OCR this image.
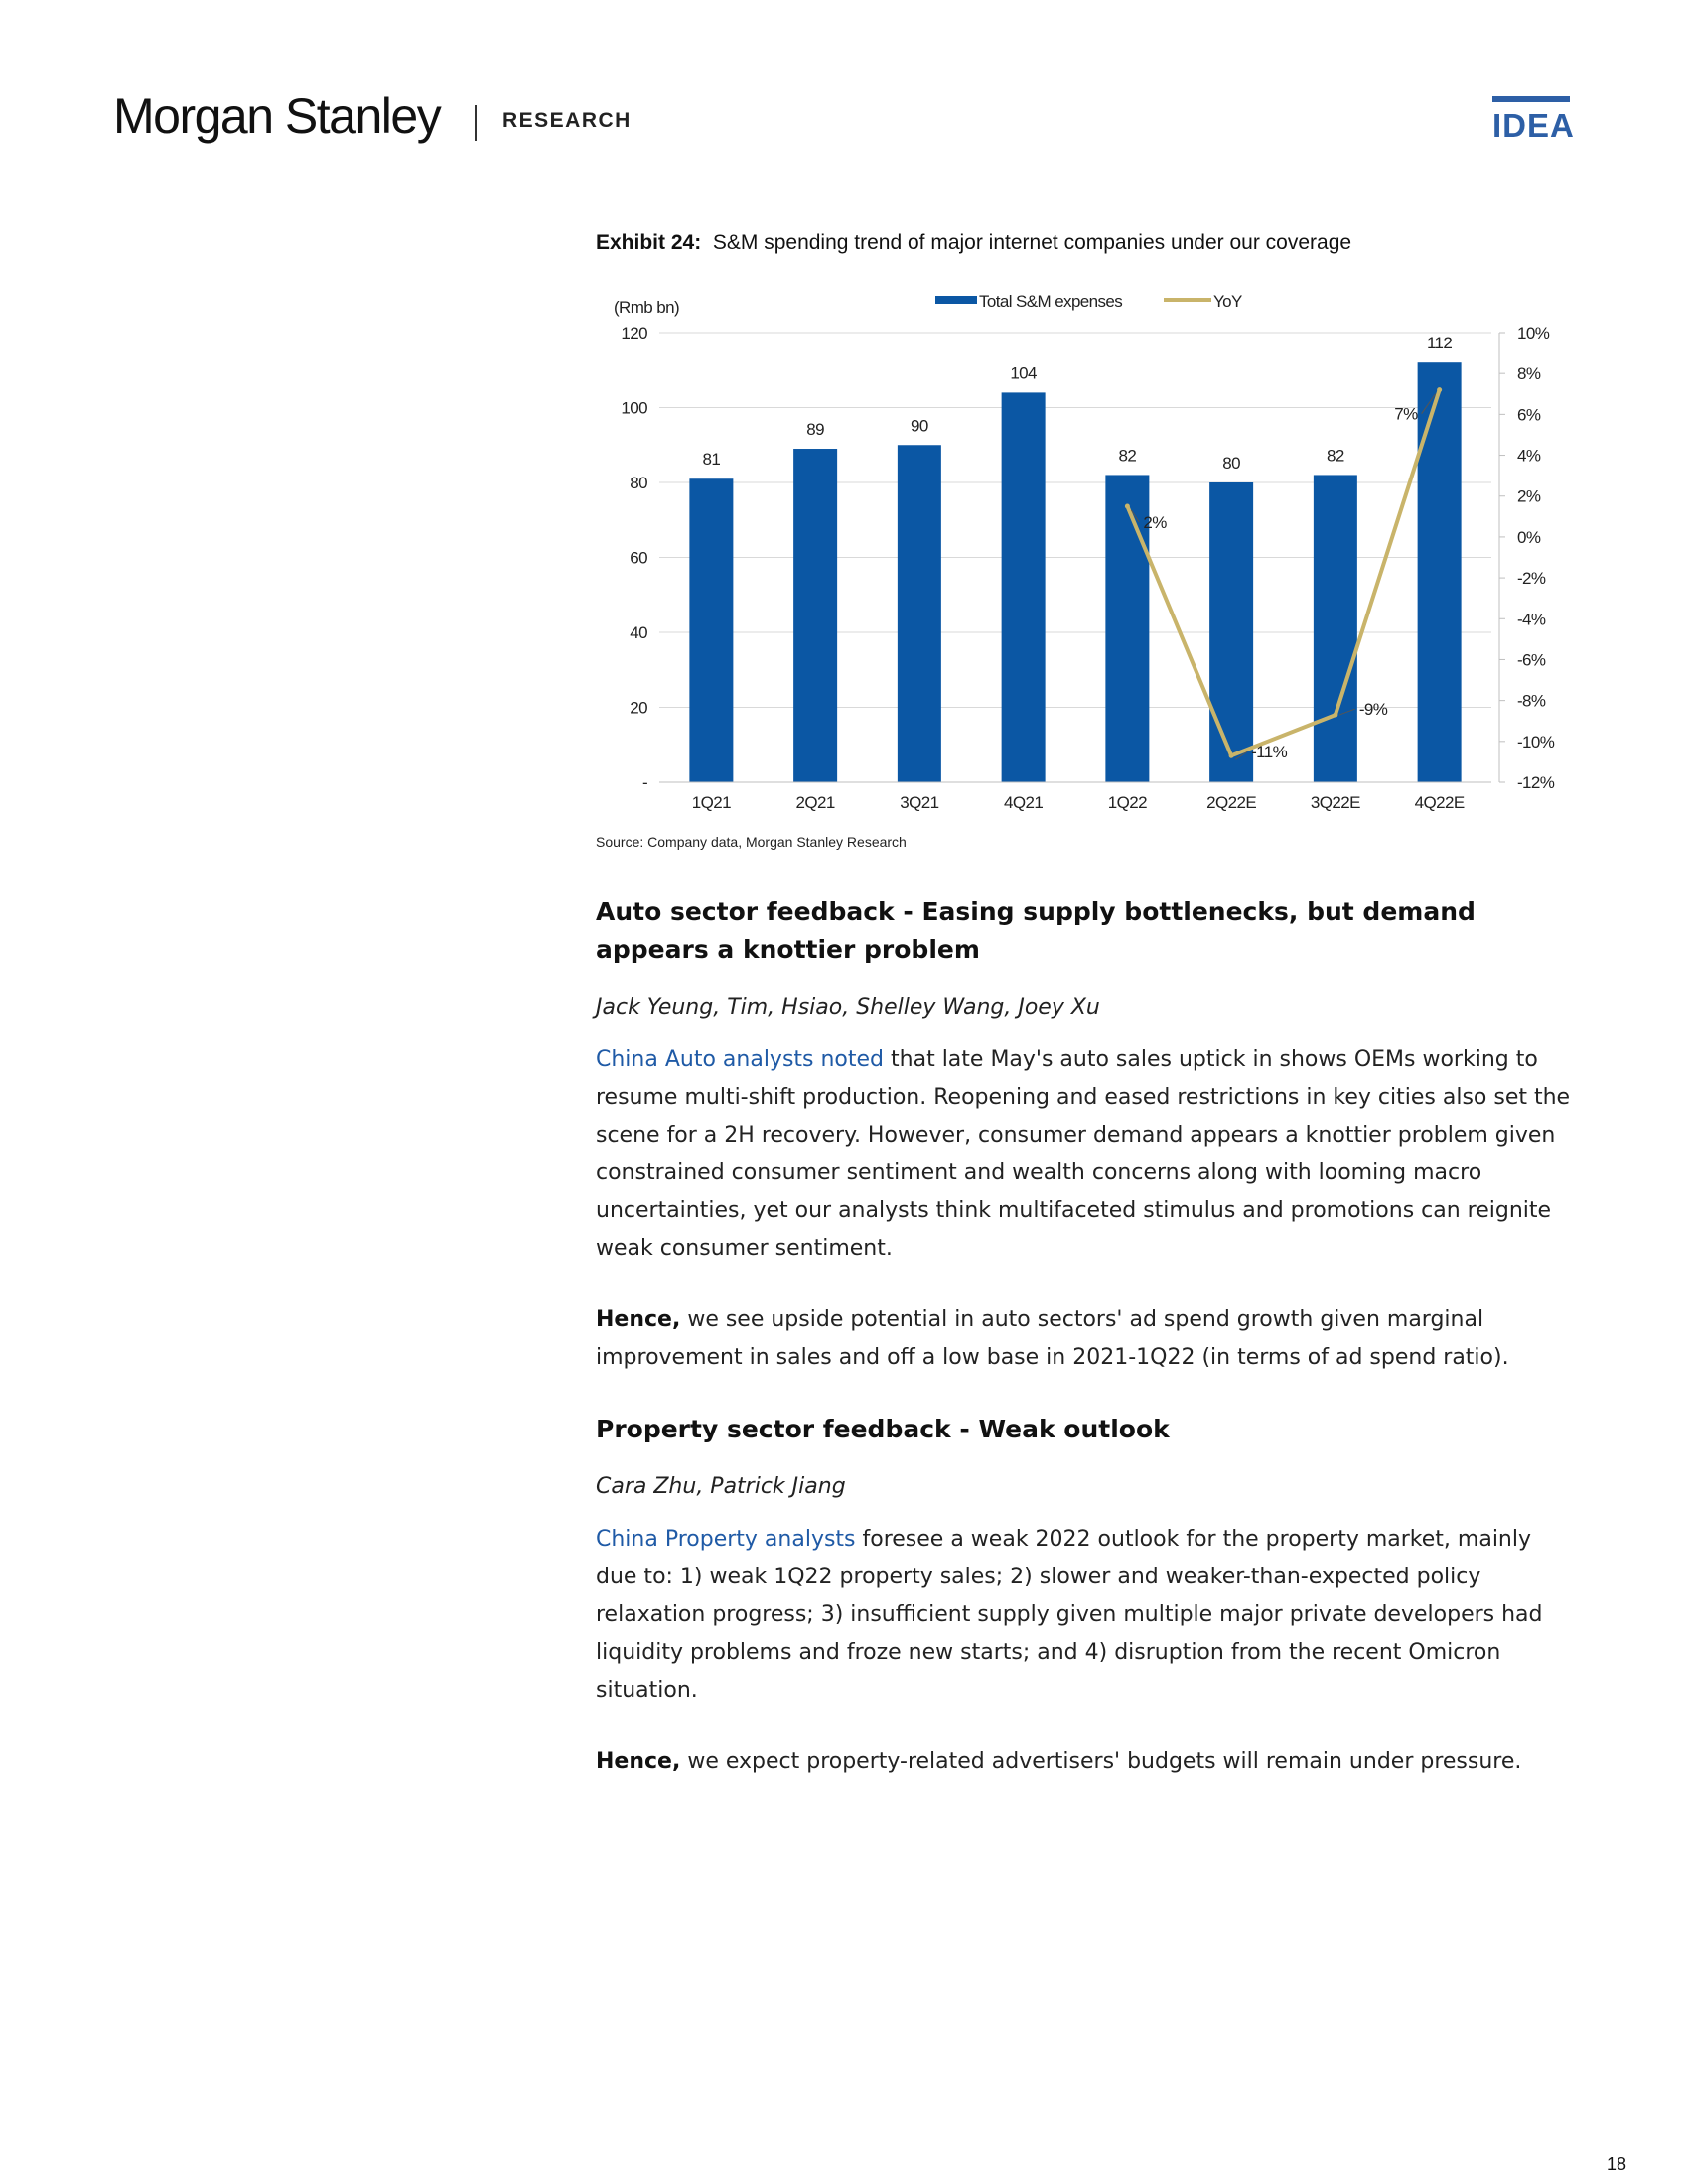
Morgan Stanley	RESEARCH	IDEA
Exhibit 24: S&M spending trend of major internet companies under our coverage
-
20
40
60
80
100
120
(Rmb bn)
-12%
-10%
-8%
-6%
-4%
-2%
0%
2%
4%
6%
8%
10%
81
89	90
104
82	80	82
112
1Q21	2Q21	3Q21	4Q21	1Q22	2Q22E	3Q22E	4Q22E
2%
-11%
-9%
7%
Total S&M expenses	YoY
Source: Company data, Morgan Stanley Research
Auto sector feedback - Easing supply bottlenecks, but demand appears a knottier problem

Jack Yeung, Tim, Hsiao, Shelley Wang, Joey Xu

China Auto analysts noted that late May's auto sales uptick in shows OEMs working to resume multi-shift production. Reopening and eased restrictions in key cities also set the scene for a 2H recovery. However, consumer demand appears a knottier problem given constrained consumer sentiment and wealth concerns along with looming macro uncertainties, yet our analysts think multifaceted stimulus and promotions can reignite weak consumer sentiment.

Hence, we see upside potential in auto sectors' ad spend growth given marginal improvement in sales and off a low base in 2021-1Q22 (in terms of ad spend ratio).

Property sector feedback - Weak outlook

Cara Zhu, Patrick Jiang

China Property analysts foresee a weak 2022 outlook for the property market, mainly due to: 1) weak 1Q22 property sales; 2) slower and weaker-than-expected policy relaxation progress; 3) insufficient supply given multiple major private developers had liquidity problems and froze new starts; and 4) disruption from the recent Omicron situation.

Hence, we expect property-related advertisers' budgets will remain under pressure.

18
